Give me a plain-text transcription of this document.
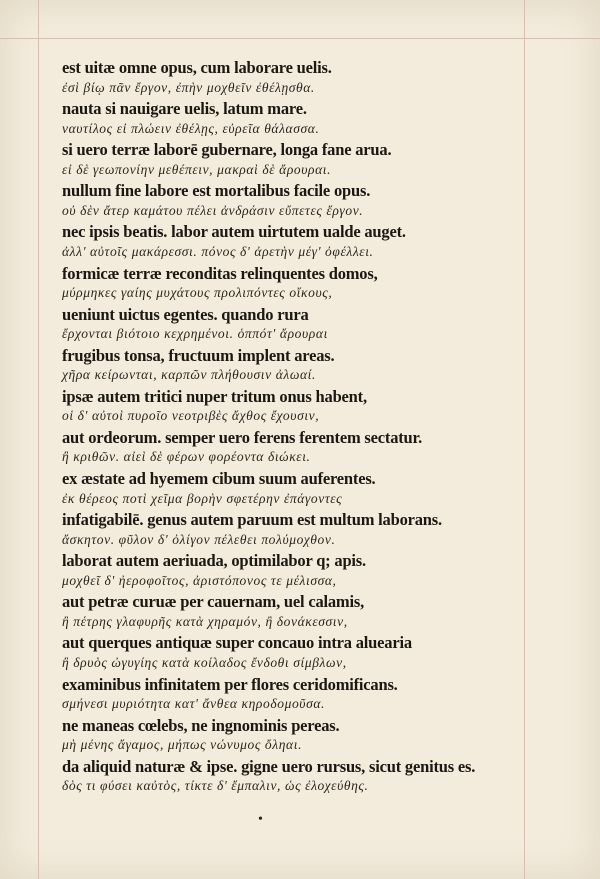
est uitæ omne opus, cum laborare uelis.
ἐσὶ βίῳ πᾶν ἔργον, ἐπὴν μοχθεῖν ἐθέλῃσθα.
nauta si nauigare uelis, latum mare.
ναυτίλος εἰ πλώειν ἐθέλῃς, εὐρεῖα θάλασσα.
si uero terræ laborē gubernare, longa fane arua.
εἰ δὲ γεωπονίην μεθέπειν, μακραὶ δὲ ἄρουραι.
nullum fine labore est mortalibus facile opus.
οὐ δὲν ἄτερ καμάτου πέλει ἀνδράσιν εὔπετες ἔργον.
nec ipsis beatis. labor autem uirtutem ualde auget.
ἀλλ' αὐτοῖς μακάρεσσι. πόνος δ' ἀρετὴν μέγ' ὀφέλλει.
formicæ terræ reconditas relinquentes domos,
μύρμηκες γαίης μυχάτους προλιπόντες οἴκους,
ueniunt uictus egentes. quando rura
ἔρχονται βιότοιο κεχρημένοι. ὁππότ' ἄρουραι
frugibus tonsa, fructuum implent areas.
χῆρα κείρωνται, καρπῶν πλήθουσιν ἀλωαί.
ipsæ autem tritici nuper tritum onus habent,
οἱ δ' αὐτοὶ πυροῖο νεοτριβὲς ἄχθος ἔχουσιν,
aut ordeorum. semper uero ferens ferentem sectatur.
ἢ κριθῶν. αἰεὶ δὲ φέρων φορέοντα διώκει.
ex æstate ad hyemem cibum suum auferentes.
ἐκ θέρεος ποτὶ χεῖμα βορὴν σφετέρην ἐπάγοντες
infatigabilē. genus autem paruum est multum laborans.
ἄσκητον. φῦλον δ' ὀλίγον πέλεθει πολύμοχθον.
laborat autem aeriuada, optimilabor q; apis.
μοχθεῖ δ' ἠεροφοῖτος, ἀριστόπονος τε μέλισσα,
aut petræ curuæ per cauernam, uel calamis,
ἢ πέτρης γλαφυρῆς κατὰ χηραμόν, ἢ δονάκεσσιν,
aut querques antiquæ super concauo intra aluearia
ἢ δρυὸς ὠγυγίης κατὰ κοίλαδος ἔνδοθι σίμβλων,
examinibus infinitatem per flores ceridomificans.
σμήνεσι μυριότητα κατ' ἄνθεα κηροδομοῦσα.
ne maneas cœlebs, ne ingnominis pereas.
μὴ μένης ἄγαμος, μήπως νώνυμος ὄληαι.
da aliquid naturæ & ipse. gigne uero rursus, sicut genitus es.
δὸς τι φύσει καὐτὸς, τίκτε δ' ἔμπαλιν, ὡς ἐλοχεύθης.
•
